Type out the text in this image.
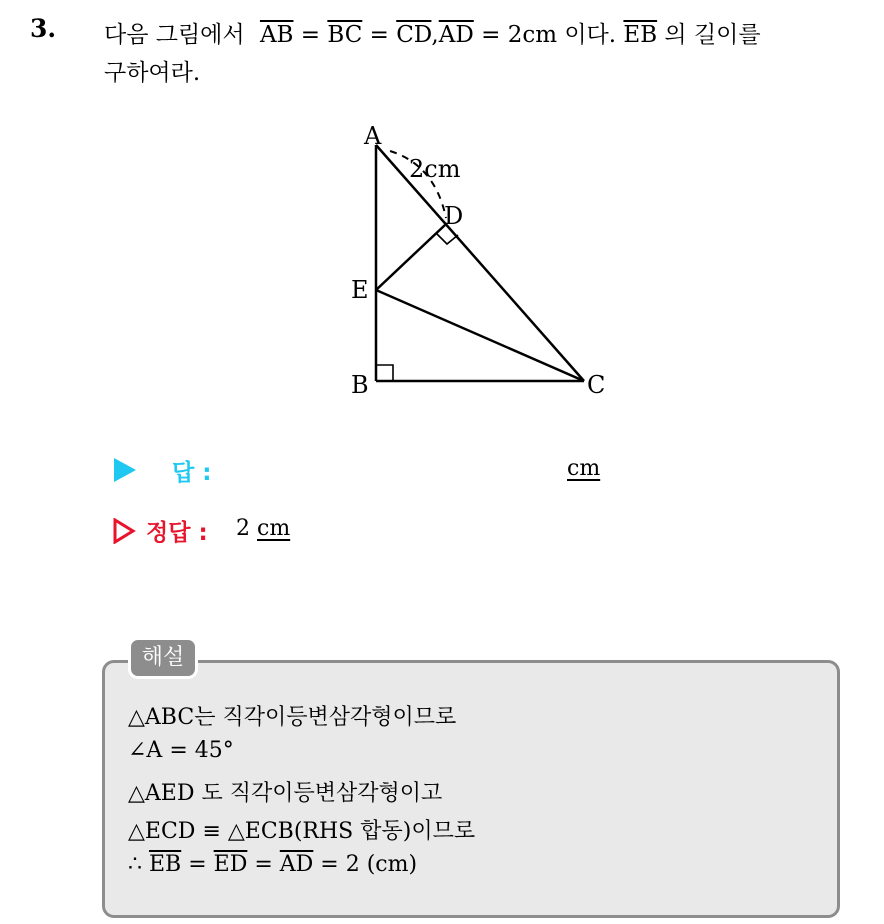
3. 다음 그림에서 $\overline{AB} = \overline{BC} = \overline{CD},\overline{AD} = 2cm$ 이다. $\overline{EB}$ 의 길이를
구하여라.
A
D
E
B	C
2cm
답 :	cm
정답 : 2 cm
해설
△ABC는 직각이등변삼각형이므로
∠A = 45°
△AED 도 직각이등변삼각형이고
△ECD ≡ △ECB(RHS 합동)이므로
∴ $\overline{EB} = \overline{ED} = \overline{AD} = 2$ (cm)
